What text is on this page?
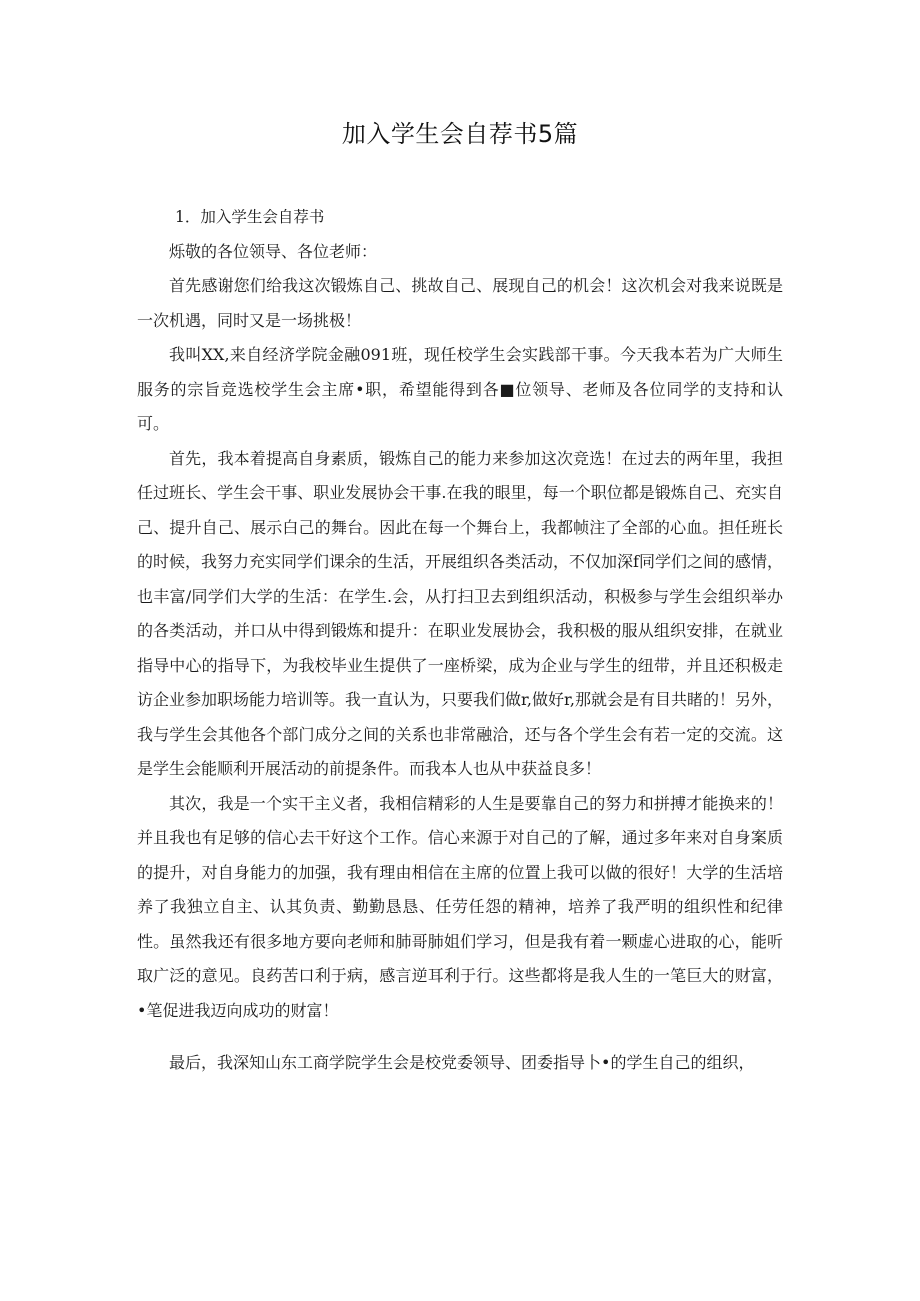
加入学生会自荐书5篇

1．加入学生会自荐书

烁敬的各位领导、各位老师：

首先感谢您们给我这次锻炼自己、挑故自己、展现自己的机会！这次机会对我来说既是一次机遇，同时又是一场挑极！

我叫XX,来自经济学院金融091班，现任校学生会实践部干事。今天我本若为广大师生服务的宗旨竞选校学生会主席•职，希望能得到各■位领导、老师及各位同学的支持和认可。

首先，我本着提高自身素质，锻炼自己的能力来参加这次竞选！在过去的两年里，我担任过班长、学生会干事、职业发展协会干事.在我的眼里，每一个职位都是锻炼自己、充实自己、提升自己、展示白己的舞台。因此在每一个舞台上，我都帧注了全部的心血。担任班长的时候，我努力充实同学们课余的生活，开展组织各类活动，不仅加深f同学们之间的感情，也丰富/同学们大学的生活：在学生.会，从打扫卫去到组织活动，积极参与学生会组织举办的各类活动，并口从中得到锻炼和提升：在职业发展协会，我积极的服从组织安排，在就业指导中心的指导下，为我校毕业生提供了一座桥梁，成为企业与学生的纽带，并且还积极走访企业参加职场能力培训等。我一直认为，只要我们做r,做好r,那就会是有目共睹的！另外，我与学生会其他各个部门成分之间的关系也非常融洽，还与各个学生会有若一定的交流。这是学生会能顺利开展活动的前提条件。而我本人也从中获益良多！

其次，我是一个实干主义者，我相信精彩的人生是要靠自己的努力和拼搏才能换来的！并且我也有足够的信心去干好这个工作。信心来源于对自己的了解，通过多年来对自身案质的提升，对自身能力的加强，我有理由相信在主席的位置上我可以做的很好！大学的生活培养了我独立自主、认其负责、勤勤恳恳、任劳任怨的精神，培养了我严明的组织性和纪律性。虽然我还有很多地方要向老师和肺哥肺姐们学习，但是我有着一颗虚心进取的心，能听取广泛的意见。良药苦口利于病，感言逆耳利于行。这些都将是我人生的一笔巨大的财富，•笔促进我迈向成功的财富！

最后，我深知山东工商学院学生会是校党委领导、团委指导卜•的学生自己的组织，
